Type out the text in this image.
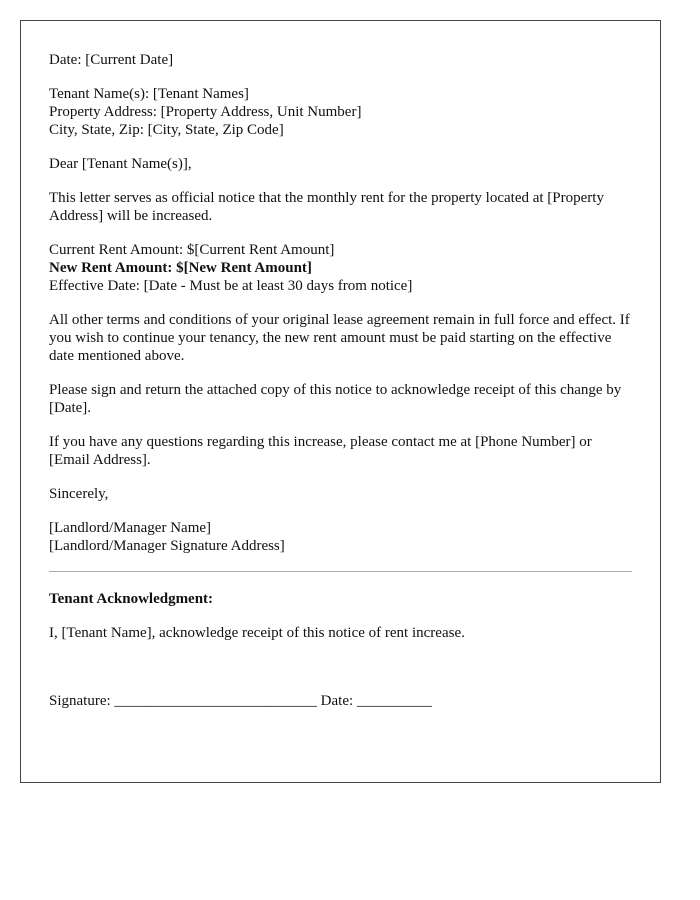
Date: [Current Date]

Tenant Name(s): [Tenant Names]
Property Address: [Property Address, Unit Number]
City, State, Zip: [City, State, Zip Code]

Dear [Tenant Name(s)],

This letter serves as official notice that the monthly rent for the property located at [Property Address] will be increased.

Current Rent Amount: $[Current Rent Amount]
New Rent Amount: $[New Rent Amount]
Effective Date: [Date - Must be at least 30 days from notice]

All other terms and conditions of your original lease agreement remain in full force and effect. If you wish to continue your tenancy, the new rent amount must be paid starting on the effective date mentioned above.

Please sign and return the attached copy of this notice to acknowledge receipt of this change by [Date].

If you have any questions regarding this increase, please contact me at [Phone Number] or [Email Address].

Sincerely,

[Landlord/Manager Name]
[Landlord/Manager Signature Address]

Tenant Acknowledgment:

I, [Tenant Name], acknowledge receipt of this notice of rent increase.

Signature: ___________________________ Date: __________
